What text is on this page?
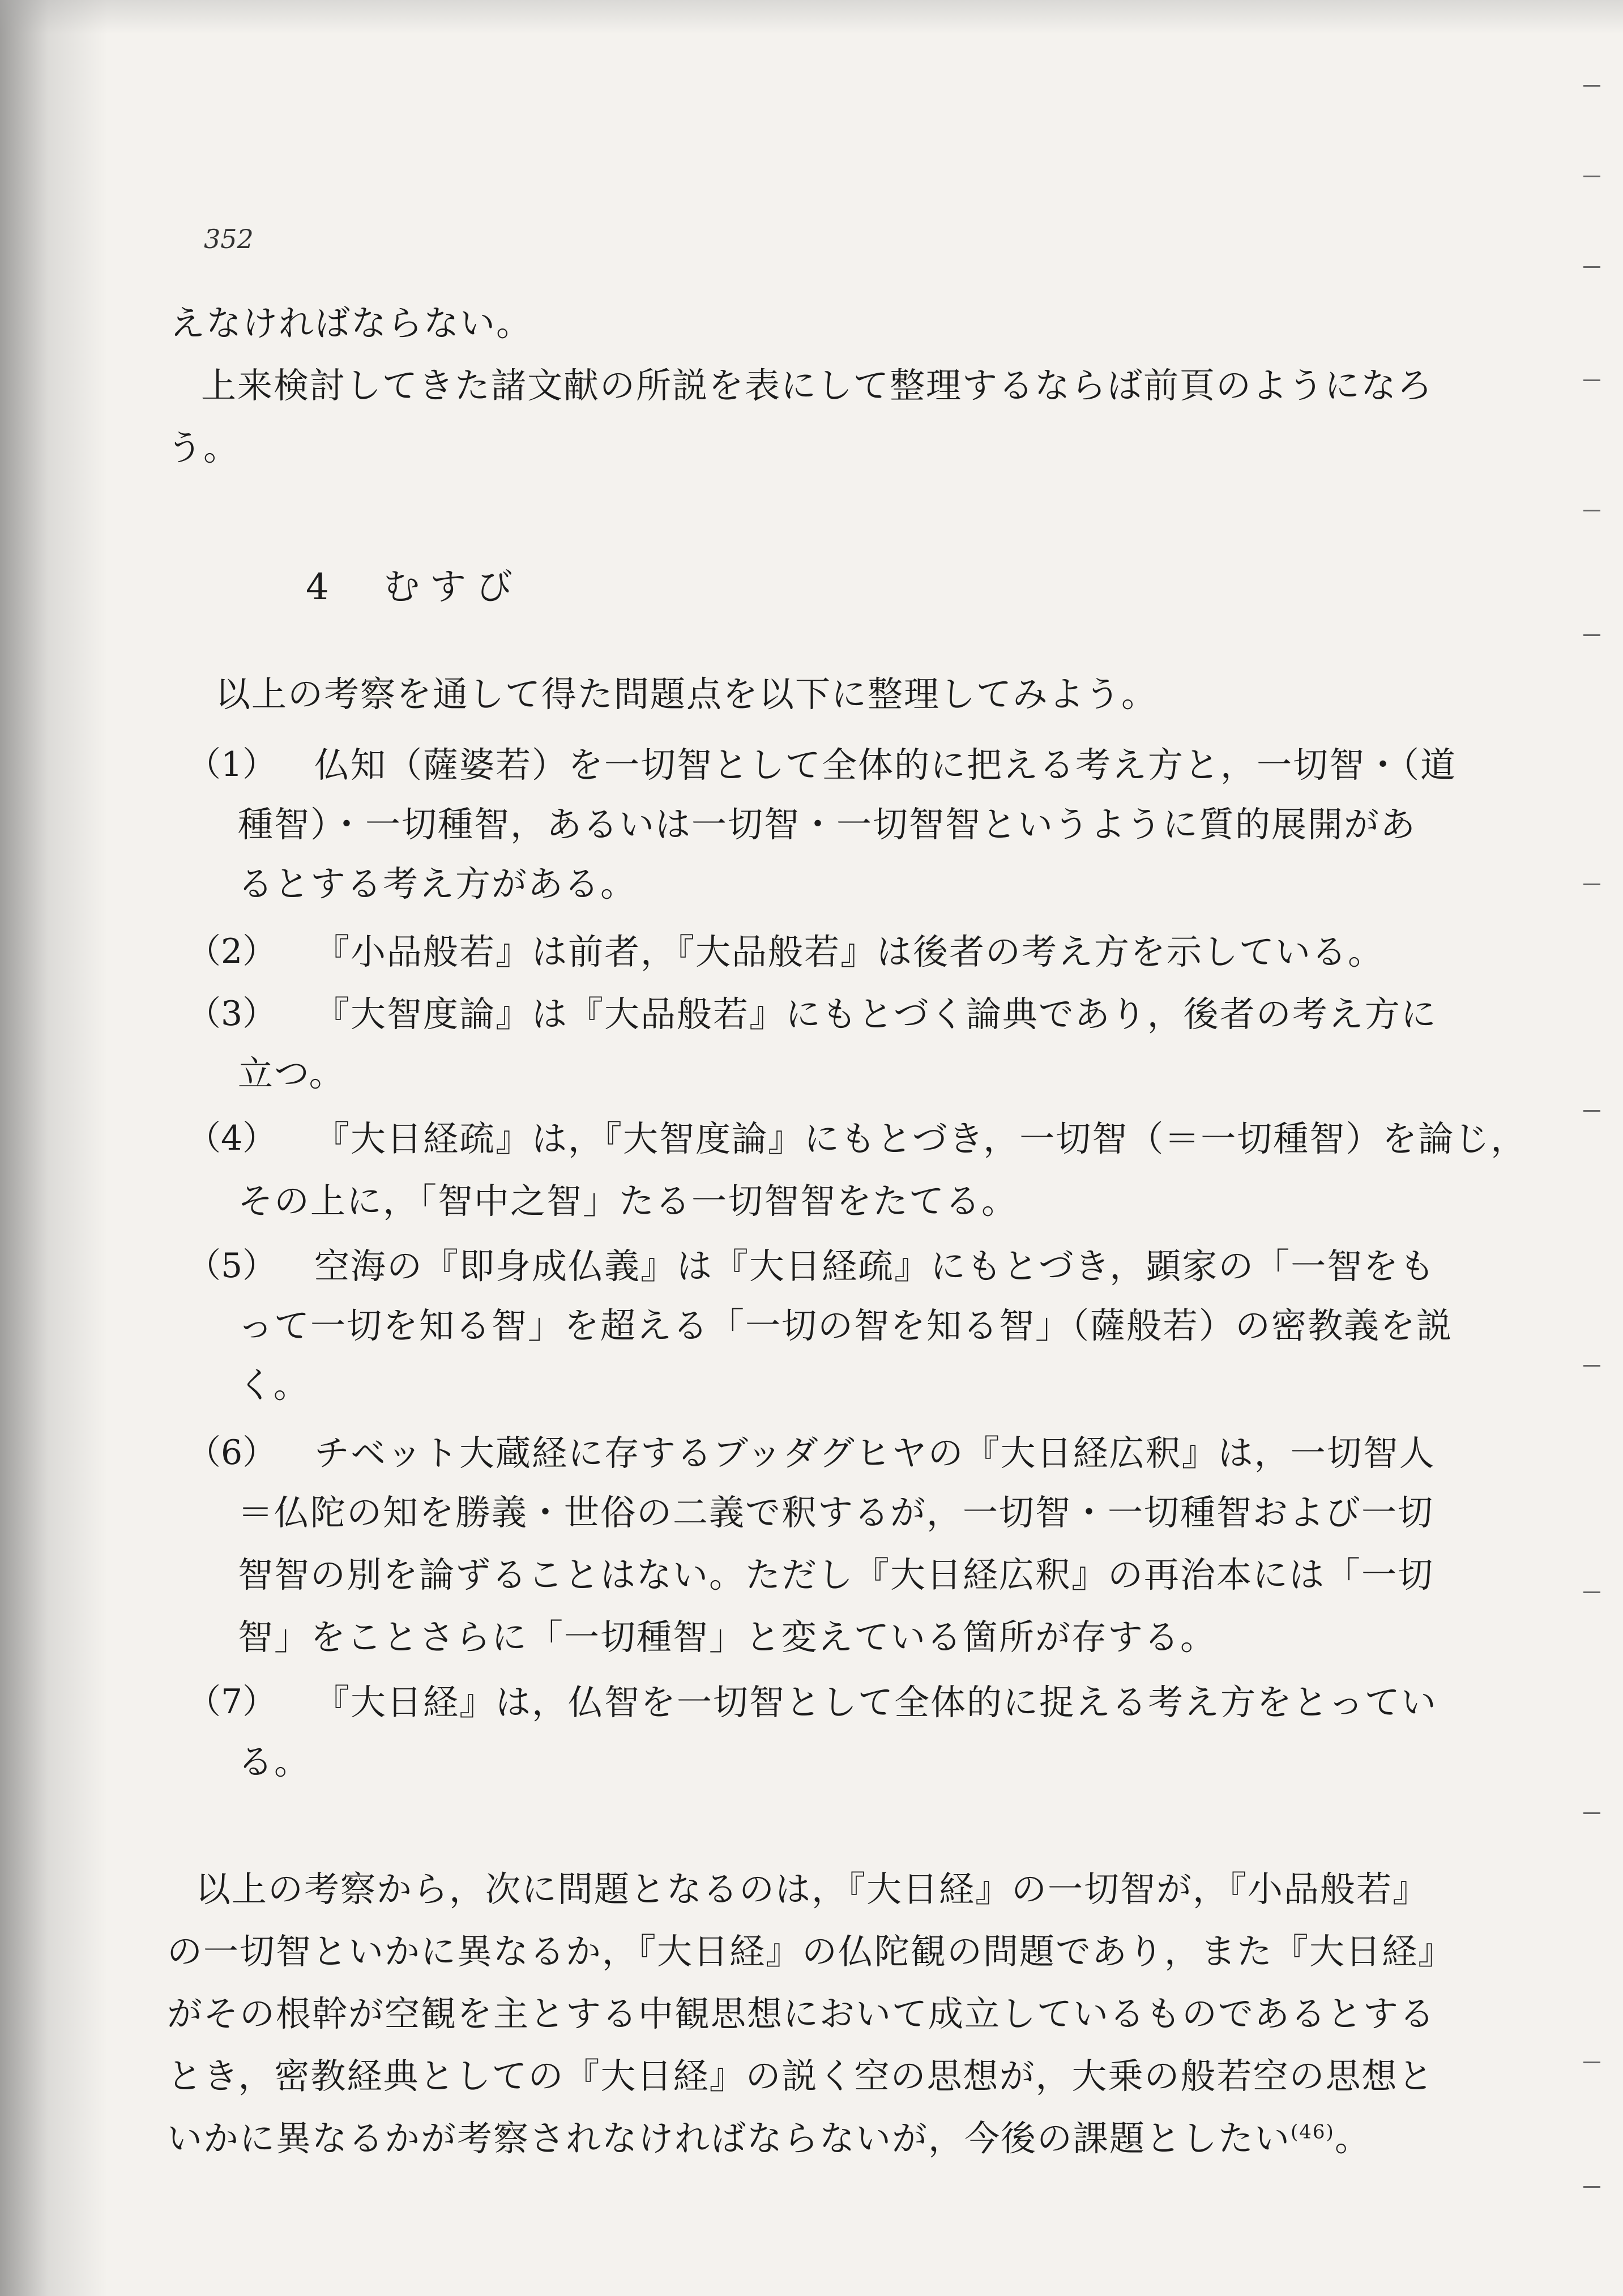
352
えなければならない。
上来検討してきた諸文献の所説を表にして整理するならば前頁のようになろ
う。
4 むすび
以上の考察を通して得た問題点を以下に整理してみよう。
（1） 仏知（薩婆若）を一切智として全体的に把える考え方と，一切智・（道
種智）・一切種智，あるいは一切智・一切智智というように質的展開があ
るとする考え方がある。
（2） 『小品般若』は前者，『大品般若』は後者の考え方を示している。
（3） 『大智度論』は『大品般若』にもとづく論典であり，後者の考え方に
立つ。
（4） 『大日経疏』は，『大智度論』にもとづき，一切智（＝一切種智）を論じ，
その上に，「智中之智」たる一切智智をたてる。
（5） 空海の『即身成仏義』は『大日経疏』にもとづき，顕家の「一智をも
って一切を知る智」を超える「一切の智を知る智」（薩般若）の密教義を説
く。
（6） チベット大蔵経に存するブッダグヒヤの『大日経広釈』は，一切智人
＝仏陀の知を勝義・世俗の二義で釈するが，一切智・一切種智および一切
智智の別を論ずることはない。ただし『大日経広釈』の再治本には「一切
智」をことさらに「一切種智」と変えている箇所が存する。
（7） 『大日経』は，仏智を一切智として全体的に捉える考え方をとってい
る。
以上の考察から，次に問題となるのは，『大日経』の一切智が，『小品般若』
の一切智といかに異なるか，『大日経』の仏陀観の問題であり，また『大日経』
がその根幹が空観を主とする中観思想において成立しているものであるとする
とき，密教経典としての『大日経』の説く空の思想が，大乗の般若空の思想と
いかに異なるかが考察されなければならないが，今後の課題としたい$^{(46)}$。
